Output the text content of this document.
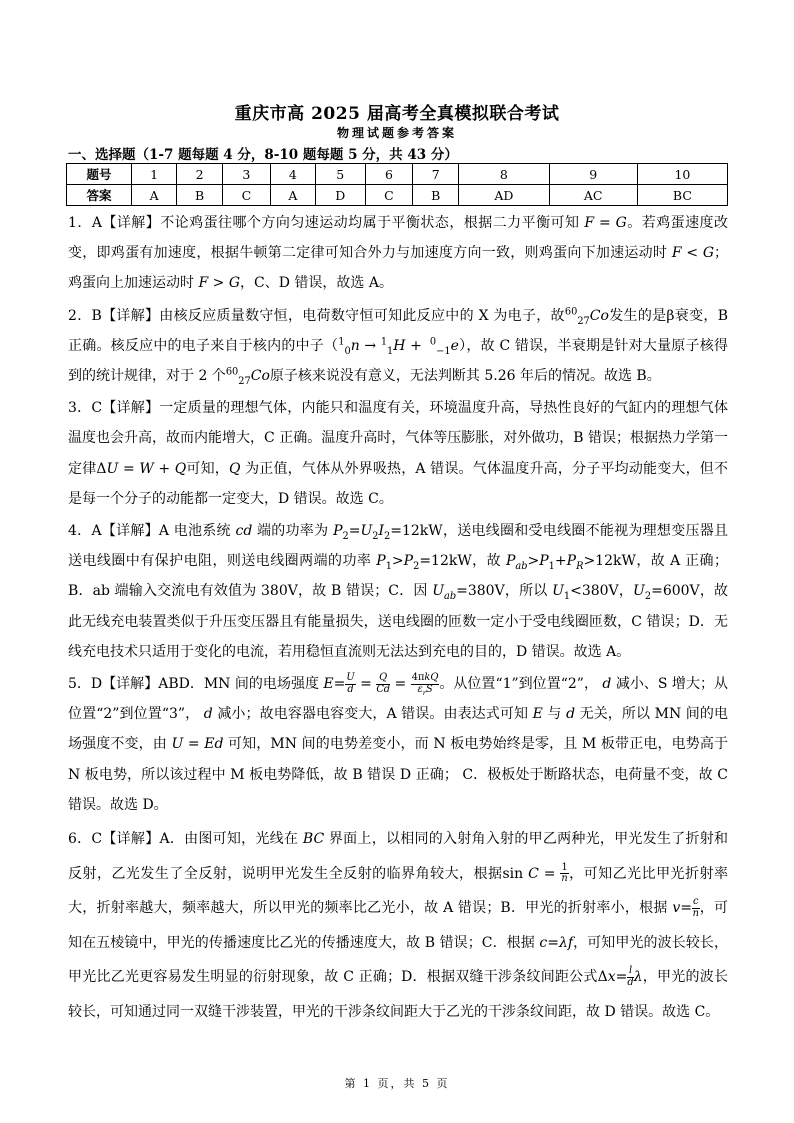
重庆市高 2025 届高考全真模拟联合考试
物理试题参考答案
一、选择题（1-7 题每题 4 分，8-10 题每题 5 分，共 43 分）
题号	1	2	3	4	5	6	7	8	9	10
答案	A	B	C	A	D	C	B	AD	AC	BC

1．A【详解】不论鸡蛋往哪个方向匀速运动均属于平衡状态，根据二力平衡可知 F = G。若鸡蛋速度改变，即鸡蛋有加速度，根据牛顿第二定律可知合外力与加速度方向一致，则鸡蛋向下加速运动时 F < G；鸡蛋向上加速运动时 F > G，C、D 错误，故选 A。

2．B【详解】由核反应质量数守恒，电荷数守恒可知此反应中的 X 为电子，故$^{60}_{27}$Co发生的是β衰变，B 正确。核反应中的电子来自于核内的中子（$^1_0$n → $^1_1$H +  $^0_{-1}$e），故 C 错误，半衰期是针对大量原子核得到的统计规律，对于 2 个$^{60}_{27}$Co原子核来说没有意义，无法判断其 5.26 年后的情况。故选 B。

3．C【详解】一定质量的理想气体，内能只和温度有关，环境温度升高，导热性良好的气缸内的理想气体温度也会升高，故而内能增大，C 正确。温度升高时，气体等压膨胀，对外做功，B 错误；根据热力学第一定律ΔU = W + Q可知，Q 为正值，气体从外界吸热，A 错误。气体温度升高，分子平均动能变大，但不是每一个分子的动能都一定变大，D 错误。故选 C。

4．A【详解】A 电池系统 cd 端的功率为 $P_2=U_2I_2=12kW$，送电线圈和受电线圈不能视为理想变压器且送电线圈中有保护电阻，则送电线圈两端的功率 $P_1>P_2=12kW$，故 $P_{ab}>P_1+P_R>12kW$，故 A 正确；B．ab 端输入交流电有效值为 380V，故 B 错误；C．因 $U_{ab}=380V$，所以 $U_1<380V$，$U_2=600V$，故此无线充电装置类似于升压变压器且有能量损失，送电线圈的匝数一定小于受电线圈匝数，C 错误；D．无线充电技术只适用于变化的电流，若用稳恒直流则无法达到充电的目的，D 错误。故选 A。

5．D【详解】ABD．MN 间的电场强度 $E= \frac{U}{d} = \frac{Q}{Cd} = \frac{\text{4πkQ}}{\varepsilon_rS}$ 。从位置“1”到位置“2”， d 减小、S 增大；从位置“2”到位置“3”， d 减小；故电容器电容变大，A 错误。由表达式可知 E 与 d 无关，所以 MN 间的电场强度不变，由 U = Ed 可知，MN 间的电势差变小，而 N 板电势始终是零，且 M 板带正电，电势高于 N 板电势，所以该过程中 M 板电势降低，故 B 错误 D 正确； C．极板处于断路状态，电荷量不变，故 C 错误。故选 D。

6．C【详解】A．由图可知，光线在 BC 界面上，以相同的入射角入射的甲乙两种光，甲光发生了折射和反射，乙光发生了全反射，说明甲光发生全反射的临界角较大，根据$\sin C = \frac{1}{n}$ ，可知乙光比甲光折射率大，折射率越大，频率越大，所以甲光的频率比乙光小，故 A 错误；B．甲光的折射率小，根据 $v= \frac{c}{n}$ ，可知在五棱镜中，甲光的传播速度比乙光的传播速度大，故 B 错误；C．根据 c=λf，可知甲光的波长较长，甲光比乙光更容易发生明显的衍射现象，故 C 正确；D．根据双缝干涉条纹间距公式$\Delta x= \frac{l}{d}$ λ，甲光的波长较长，可知通过同一双缝干涉装置，甲光的干涉条纹间距大于乙光的干涉条纹间距，故 D 错误。故选 C。

第 1 页，共 5 页
